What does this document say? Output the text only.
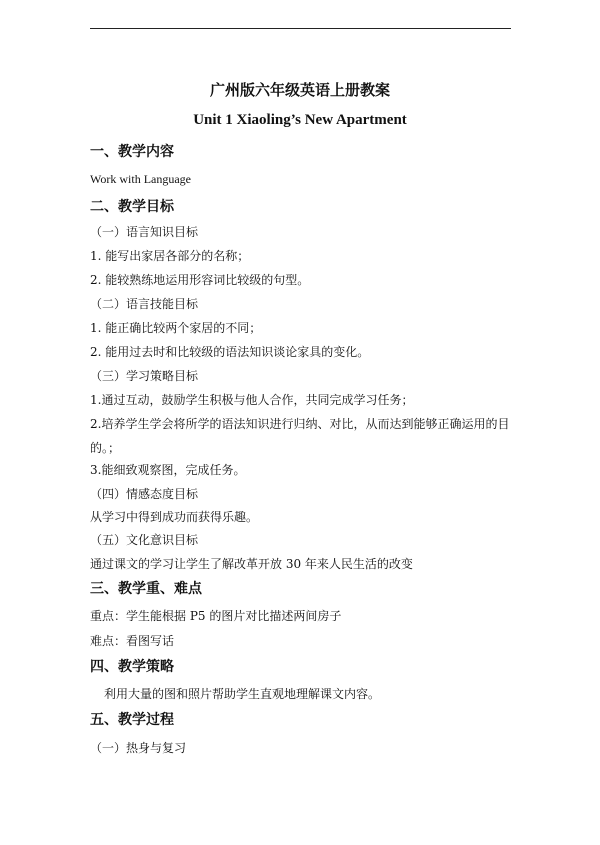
广州版六年级英语上册教案
Unit 1 Xiaoling’s New Apartment
一、教学内容
Work with Language
二、教学目标
（一）语言知识目标
1. 能写出家居各部分的名称；
2. 能较熟练地运用形容词比较级的句型。
（二）语言技能目标
1. 能正确比较两个家居的不同；
2. 能用过去时和比较级的语法知识谈论家具的变化。
（三）学习策略目标
1.通过互动，鼓励学生积极与他人合作，共同完成学习任务；
2.培养学生学会将所学的语法知识进行归纳、对比，从而达到能够正确运用的目
的。；
3.能细致观察图，完成任务。
（四）情感态度目标
从学习中得到成功而获得乐趣。
（五）文化意识目标
通过课文的学习让学生了解改革开放 30 年来人民生活的改变
三、教学重、难点
重点：学生能根据 P5 的图片对比描述两间房子
难点：看图写话
四、教学策略
利用大量的图和照片帮助学生直观地理解课文内容。
五、教学过程
（一）热身与复习
